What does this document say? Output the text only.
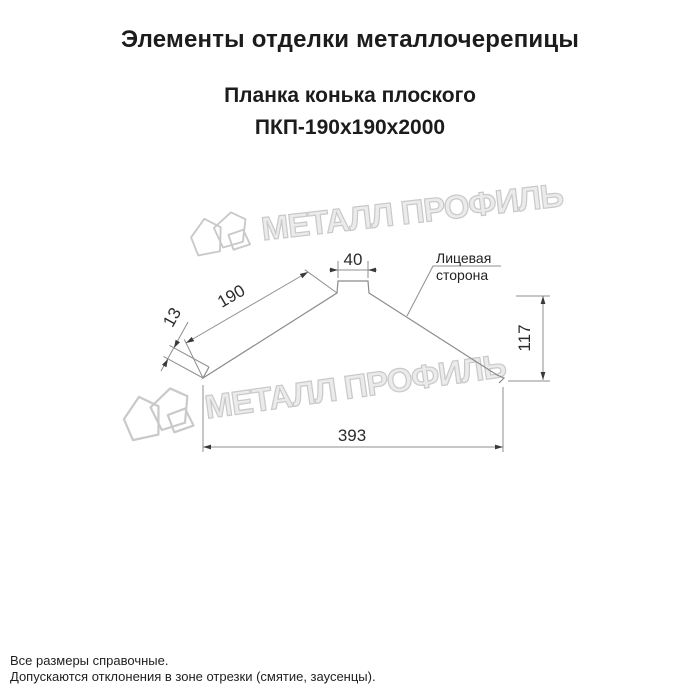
МЕТАЛЛ ПРОФИЛЬ
МЕТАЛЛ ПРОФИЛЬ
Элементы отделки металлочерепицы
Планка конька плоского
ПКП-190x190x2000
40
190
13
117
393
Лицевая
сторона
Все размеры справочные.
Допускаются отклонения в зоне отрезки (смятие, заусенцы).
